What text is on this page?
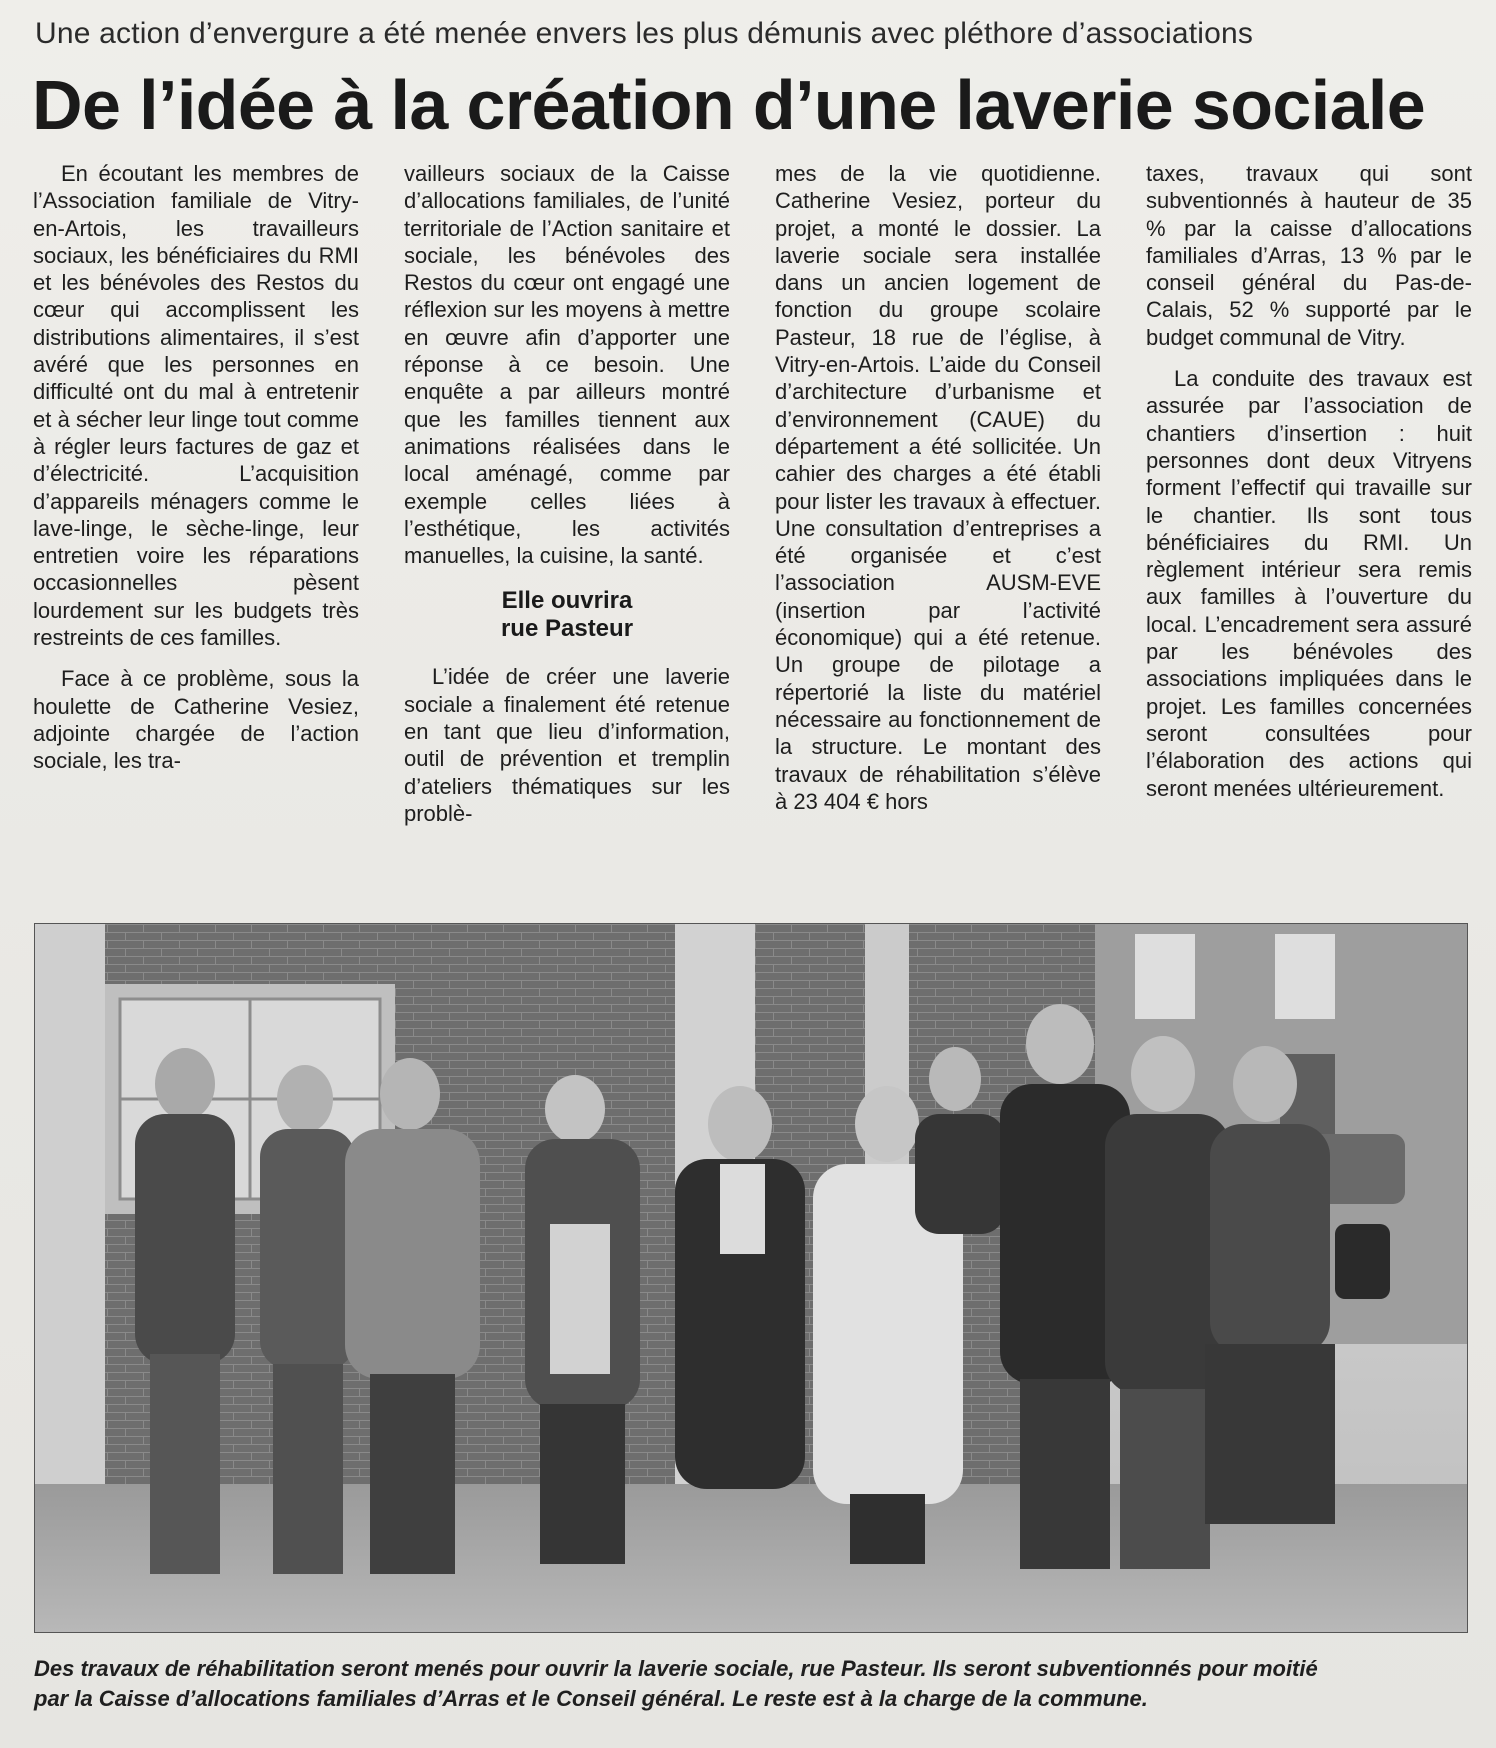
Une action d’envergure a été menée envers les plus démunis avec pléthore d’associations
De l’idée à la création d’une laverie sociale

En écoutant les membres de l’Association familiale de Vitry-en-Artois, les travailleurs sociaux, les bénéficiaires du RMI et les bénévoles des Restos du cœur qui accomplissent les distributions alimentaires, il s’est avéré que les personnes en difficulté ont du mal à entretenir et à sécher leur linge tout comme à régler leurs factures de gaz et d’électricité. L’acquisition d’appareils ménagers comme le lave-linge, le sèche-linge, leur entretien voire les réparations occasionnelles pèsent lourdement sur les budgets très restreints de ces familles.

Face à ce problème, sous la houlette de Catherine Vesiez, adjointe chargée de l’action sociale, les tra-

vailleurs sociaux de la Caisse d’allocations familiales, de l’unité territoriale de l’Action sanitaire et sociale, les bénévoles des Restos du cœur ont engagé une réflexion sur les moyens à mettre en œuvre afin d’apporter une réponse à ce besoin. Une enquête a par ailleurs montré que les familles tiennent aux animations réalisées dans le local aménagé, comme par exemple celles liées à l’esthétique, les activités manuelles, la cuisine, la santé.

Elle ouvrira
rue Pasteur

L’idée de créer une laverie sociale a finalement été retenue en tant que lieu d’information, outil de prévention et tremplin d’ateliers thématiques sur les problè-

mes de la vie quotidienne. Catherine Vesiez, porteur du projet, a monté le dossier. La laverie sociale sera installée dans un ancien logement de fonction du groupe scolaire Pasteur, 18 rue de l’église, à Vitry-en-Artois. L’aide du Conseil d’architecture d’urbanisme et d’environnement (CAUE) du département a été sollicitée. Un cahier des charges a été établi pour lister les travaux à effectuer. Une consultation d’entreprises a été organisée et c’est l’association AUSM-EVE (insertion par l’activité économique) qui a été retenue. Un groupe de pilotage a répertorié la liste du matériel nécessaire au fonctionnement de la structure. Le montant des travaux de réhabilitation s’élève à 23 404 € hors

taxes, travaux qui sont subventionnés à hauteur de 35 % par la caisse d’allocations familiales d’Arras, 13 % par le conseil général du Pas-de-Calais, 52 % supporté par le budget communal de Vitry.

La conduite des travaux est assurée par l’association de chantiers d’insertion : huit personnes dont deux Vitryens forment l’effectif qui travaille sur le chantier. Ils sont tous bénéficiaires du RMI. Un règlement intérieur sera remis aux familles à l’ouverture du local. L’encadrement sera assuré par les bénévoles des associations impliquées dans le projet. Les familles concernées seront consultées pour l’élaboration des actions qui seront menées ultérieurement.

Des travaux de réhabilitation seront menés pour ouvrir la laverie sociale, rue Pasteur. Ils seront subventionnés pour moitié
par la Caisse d’allocations familiales d’Arras et le Conseil général. Le reste est à la charge de la commune.
